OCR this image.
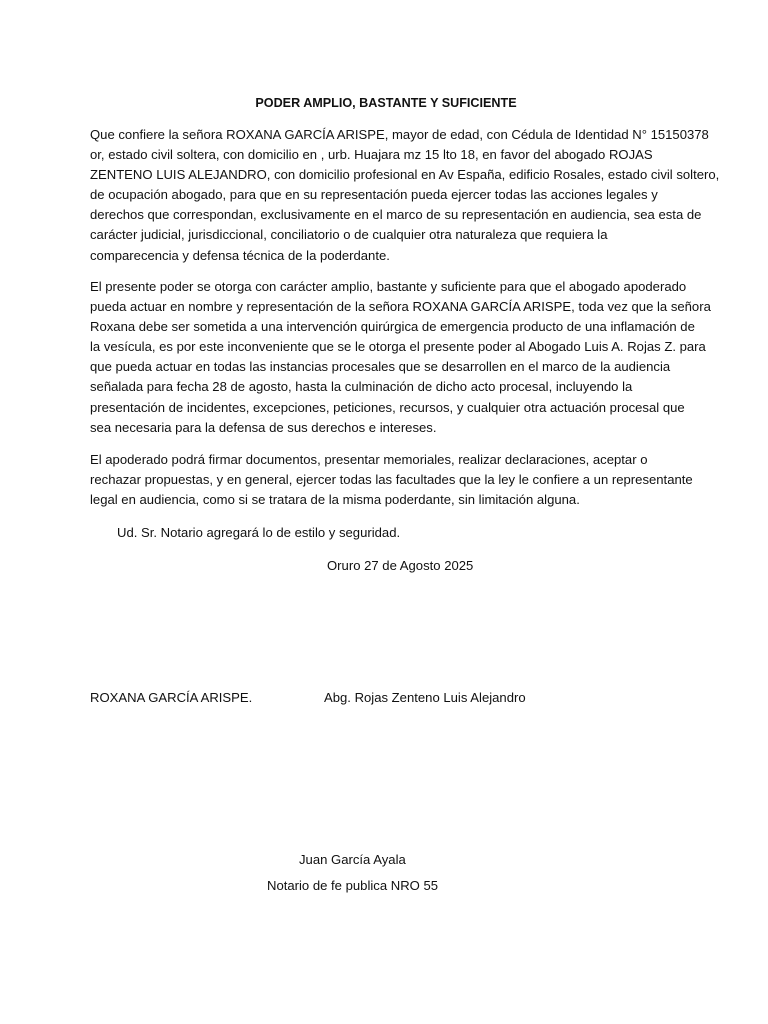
PODER AMPLIO, BASTANTE Y SUFICIENTE

Que confiere la señora ROXANA GARCÍA ARISPE, mayor de edad, con Cédula de Identidad N° 15150378
or, estado civil soltera, con domicilio en , urb. Huajara mz 15 lto 18, en favor del abogado ROJAS
ZENTENO LUIS ALEJANDRO, con domicilio profesional en Av España, edificio Rosales, estado civil soltero,
de ocupación abogado, para que en su representación pueda ejercer todas las acciones legales y
derechos que correspondan, exclusivamente en el marco de su representación en audiencia, sea esta de
carácter judicial, jurisdiccional, conciliatorio o de cualquier otra naturaleza que requiera la
comparecencia y defensa técnica de la poderdante.

El presente poder se otorga con carácter amplio, bastante y suficiente para que el abogado apoderado
pueda actuar en nombre y representación de la señora ROXANA GARCÍA ARISPE, toda vez que la señora
Roxana debe ser sometida a una intervención quirúrgica de emergencia producto de una inflamación de
la vesícula, es por este inconveniente que se le otorga el presente poder al Abogado Luis A. Rojas Z. para
que pueda actuar en todas las instancias procesales que se desarrollen en el marco de la audiencia
señalada para fecha 28 de agosto, hasta la culminación de dicho acto procesal, incluyendo la
presentación de incidentes, excepciones, peticiones, recursos, y cualquier otra actuación procesal que
sea necesaria para la defensa de sus derechos e intereses.

El apoderado podrá firmar documentos, presentar memoriales, realizar declaraciones, aceptar o
rechazar propuestas, y en general, ejercer todas las facultades que la ley le confiere a un representante
legal en audiencia, como si se tratara de la misma poderdante, sin limitación alguna.

Ud. Sr. Notario agregará lo de estilo y seguridad.
Oruro 27 de Agosto 2025
ROXANA GARCÍA ARISPE.	Abg. Rojas Zenteno Luis Alejandro
Juan García Ayala
Notario de fe publica NRO 55
